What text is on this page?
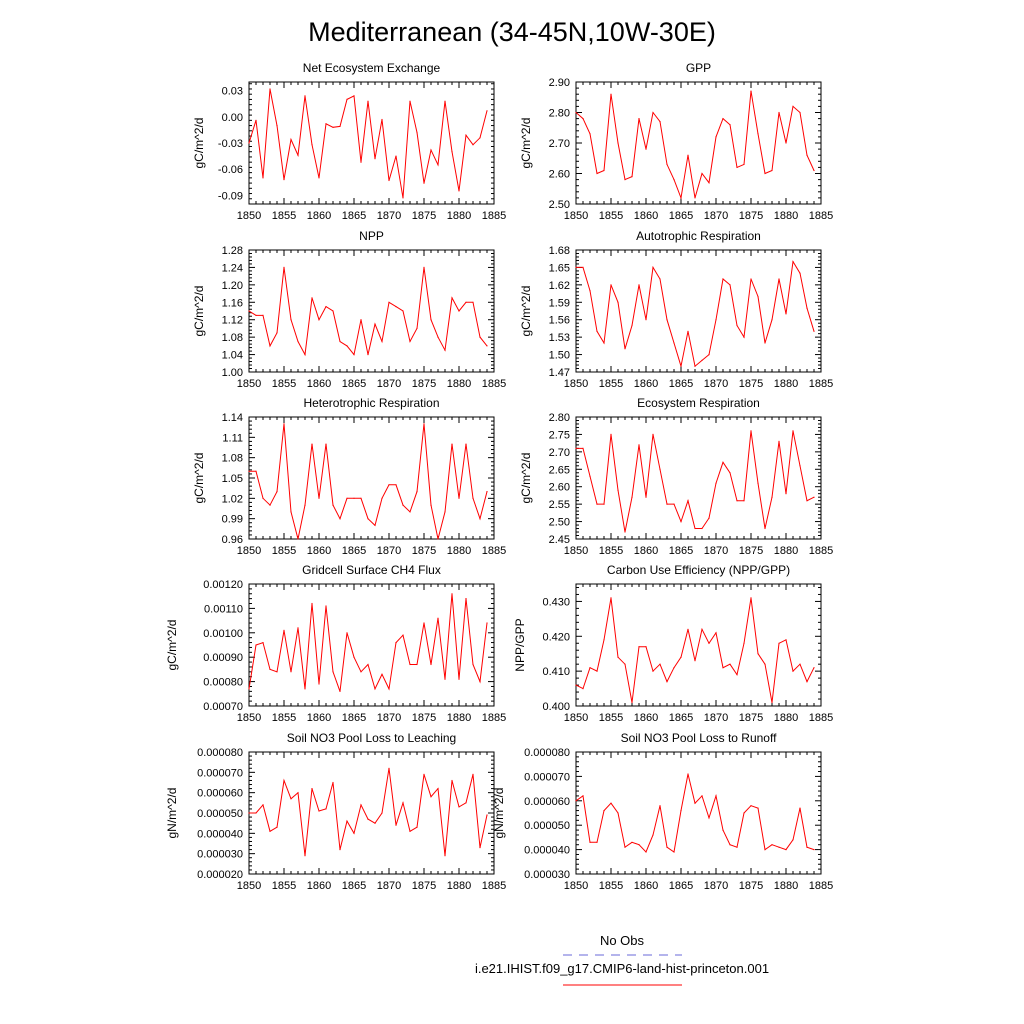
Mediterranean (34-45N,10W-30E)
Net Ecosystem Exchange
1850 1855 1860 1865 1870 1875 1880 1885
-0.09
-0.06
-0.03
0.00
0.03
gC/m^2/d
GPP
1850 1855 1860 1865 1870 1875 1880 1885
2.50
2.60
2.70
2.80
2.90
gC/m^2/d
NPP
1850 1855 1860 1865 1870 1875 1880 1885
1.00
1.04
1.08
1.12
1.16
1.20
1.24
1.28
gC/m^2/d
Autotrophic Respiration
1850 1855 1860 1865 1870 1875 1880 1885
1.47
1.50
1.53
1.56
1.59
1.62
1.65
1.68
gC/m^2/d
Heterotrophic Respiration
1850 1855 1860 1865 1870 1875 1880 1885
0.96
0.99
1.02
1.05
1.08
1.11
1.14
gC/m^2/d
Ecosystem Respiration
1850 1855 1860 1865 1870 1875 1880 1885
2.45
2.50
2.55
2.60
2.65
2.70
2.75
2.80
gC/m^2/d
Gridcell Surface CH4 Flux
1850 1855 1860 1865 1870 1875 1880 1885
0.00070
0.00080
0.00090
0.00100
0.00110
0.00120
gC/m^2/d
Carbon Use Efficiency (NPP/GPP)
1850 1855 1860 1865 1870 1875 1880 1885
0.400
0.410
0.420
0.430
NPP/GPP
Soil NO3 Pool Loss to Leaching
1850 1855 1860 1865 1870 1875 1880 1885
0.000020
0.000030
0.000040
0.000050
0.000060
0.000070
0.000080
gN/m^2/d
Soil NO3 Pool Loss to Runoff
1850 1855 1860 1865 1870 1875 1880 1885
0.000030
0.000040
0.000050
0.000060
0.000070
0.000080
gN/m^2/d
No Obs
i.e21.IHIST.f09_g17.CMIP6-land-hist-princeton.001
